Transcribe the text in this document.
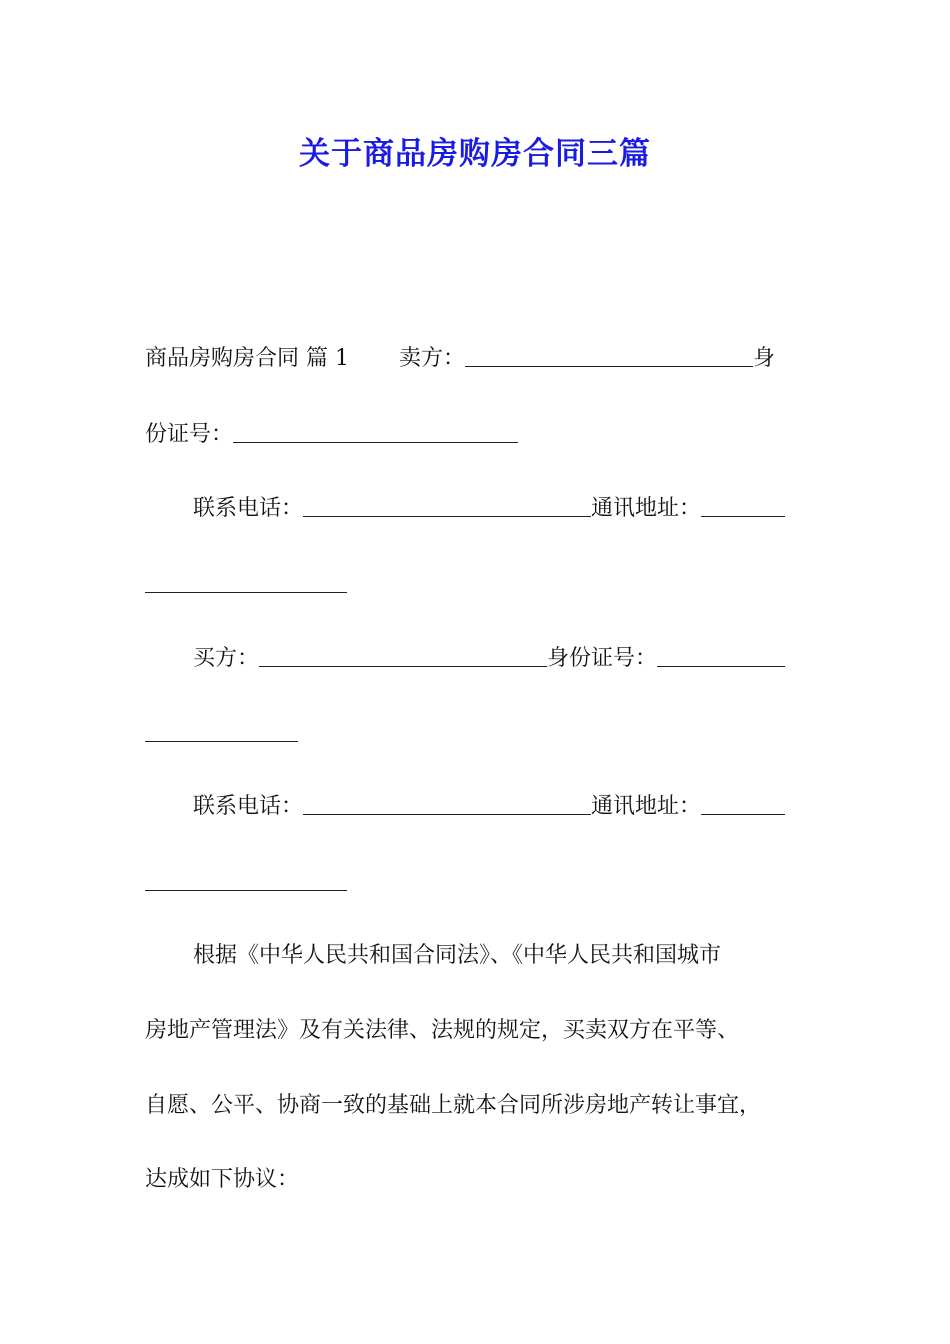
关于商品房购房合同三篇
商品房购房合同 篇 1 卖方：	身
份证号：
联系电话：	通讯地址：
买方：	身份证号：
联系电话：	通讯地址：
根据《中华人民共和国合同法》、《中华人民共和国城市
房地产管理法》及有关法律、法规的规定，买卖双方在平等、
自愿、公平、协商一致的基础上就本合同所涉房地产转让事宜，
达成如下协议：
